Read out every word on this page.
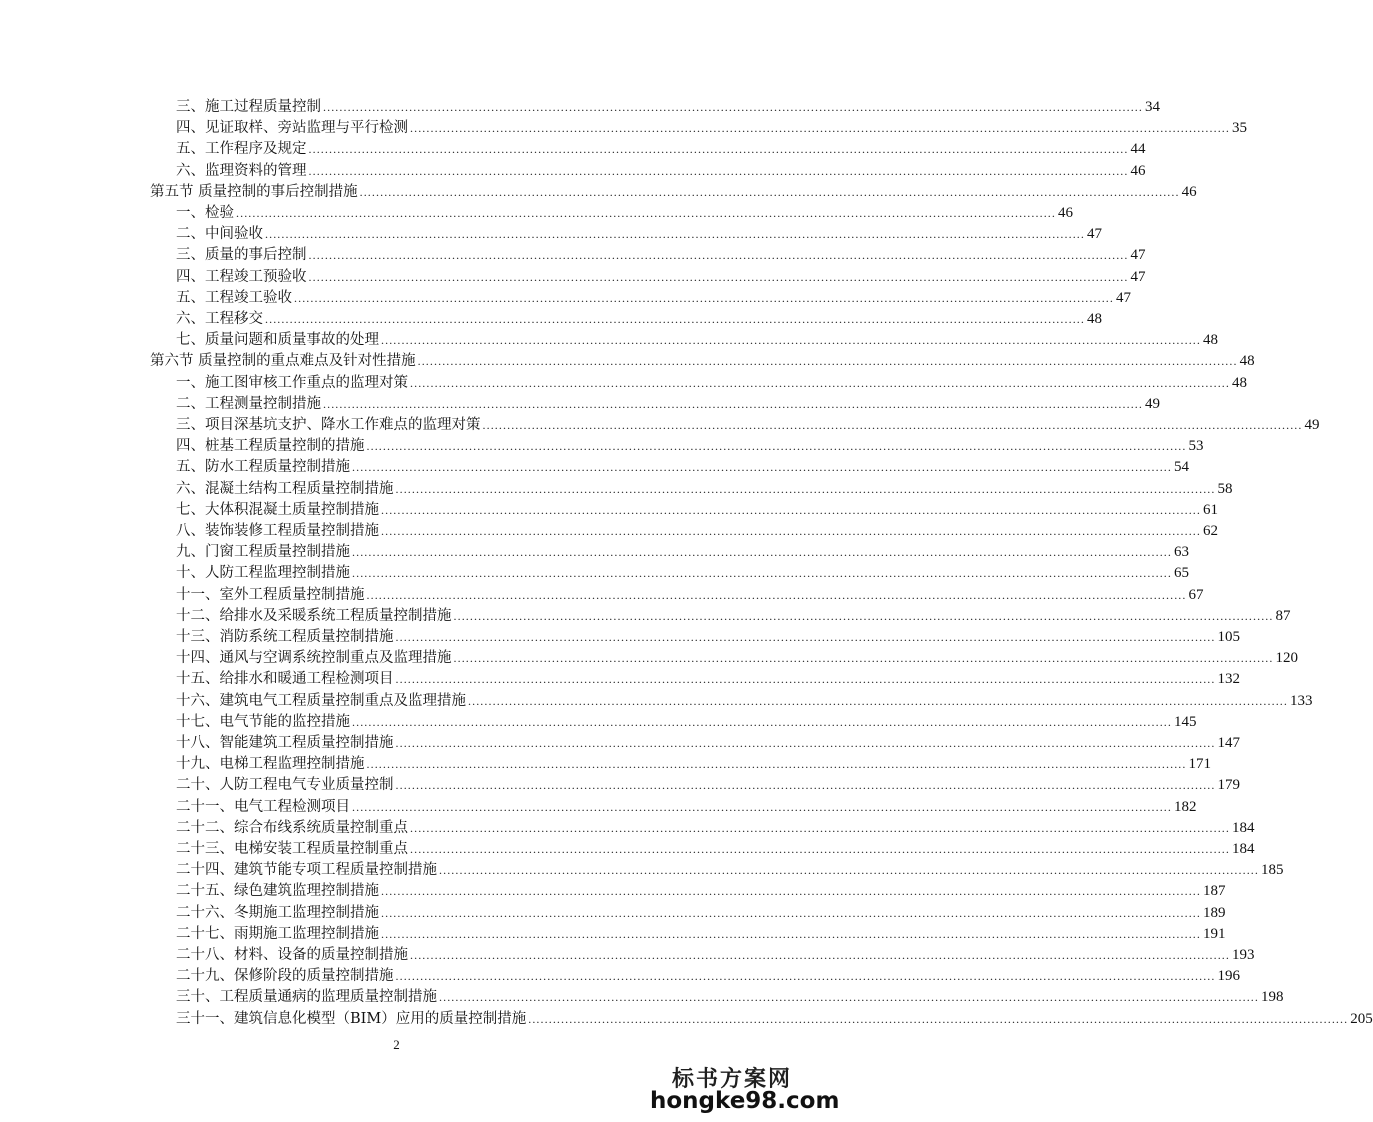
三、施工过程质量控制 ........................................................................................................................................................................................................ 34
四、见证取样、旁站监理与平行检测 ........................................................................................................................................................................................................ 35
五、工作程序及规定 ........................................................................................................................................................................................................ 44
六、监理资料的管理 ........................................................................................................................................................................................................ 46
第五节 质量控制的事后控制措施 ........................................................................................................................................................................................................ 46
一、检验 ........................................................................................................................................................................................................ 46
二、中间验收 ........................................................................................................................................................................................................ 47
三、质量的事后控制 ........................................................................................................................................................................................................ 47
四、工程竣工预验收 ........................................................................................................................................................................................................ 47
五、工程竣工验收 ........................................................................................................................................................................................................ 47
六、工程移交 ........................................................................................................................................................................................................ 48
七、质量问题和质量事故的处理 ........................................................................................................................................................................................................ 48
第六节 质量控制的重点难点及针对性措施 ........................................................................................................................................................................................................ 48
一、施工图审核工作重点的监理对策 ........................................................................................................................................................................................................ 48
二、工程测量控制措施 ........................................................................................................................................................................................................ 49
三、项目深基坑支护、降水工作难点的监理对策 ........................................................................................................................................................................................................ 49
四、桩基工程质量控制的措施 ........................................................................................................................................................................................................ 53
五、防水工程质量控制措施 ........................................................................................................................................................................................................ 54
六、混凝土结构工程质量控制措施 ........................................................................................................................................................................................................ 58
七、大体积混凝土质量控制措施 ........................................................................................................................................................................................................ 61
八、装饰装修工程质量控制措施 ........................................................................................................................................................................................................ 62
九、门窗工程质量控制措施 ........................................................................................................................................................................................................ 63
十、人防工程监理控制措施 ........................................................................................................................................................................................................ 65
十一、室外工程质量控制措施 ........................................................................................................................................................................................................ 67
十二、给排水及采暖系统工程质量控制措施 ........................................................................................................................................................................................................ 87
十三、消防系统工程质量控制措施 ........................................................................................................................................................................................................ 105
十四、通风与空调系统控制重点及监理措施 ........................................................................................................................................................................................................ 120
十五、给排水和暖通工程检测项目 ........................................................................................................................................................................................................ 132
十六、建筑电气工程质量控制重点及监理措施 ........................................................................................................................................................................................................ 133
十七、电气节能的监控措施 ........................................................................................................................................................................................................ 145
十八、智能建筑工程质量控制措施 ........................................................................................................................................................................................................ 147
十九、电梯工程监理控制措施 ........................................................................................................................................................................................................ 171
二十、人防工程电气专业质量控制 ........................................................................................................................................................................................................ 179
二十一、电气工程检测项目 ........................................................................................................................................................................................................ 182
二十二、综合布线系统质量控制重点 ........................................................................................................................................................................................................ 184
二十三、电梯安装工程质量控制重点 ........................................................................................................................................................................................................ 184
二十四、建筑节能专项工程质量控制措施 ........................................................................................................................................................................................................ 185
二十五、绿色建筑监理控制措施 ........................................................................................................................................................................................................ 187
二十六、冬期施工监理控制措施 ........................................................................................................................................................................................................ 189
二十七、雨期施工监理控制措施 ........................................................................................................................................................................................................ 191
二十八、材料、设备的质量控制措施 ........................................................................................................................................................................................................ 193
二十九、保修阶段的质量控制措施 ........................................................................................................................................................................................................ 196
三十、工程质量通病的监理质量控制措施 ........................................................................................................................................................................................................ 198
三十一、建筑信息化模型（BIM）应用的质量控制措施 ........................................................................................................................................................................................................ 205
2
标书方案网
hongke98.com
